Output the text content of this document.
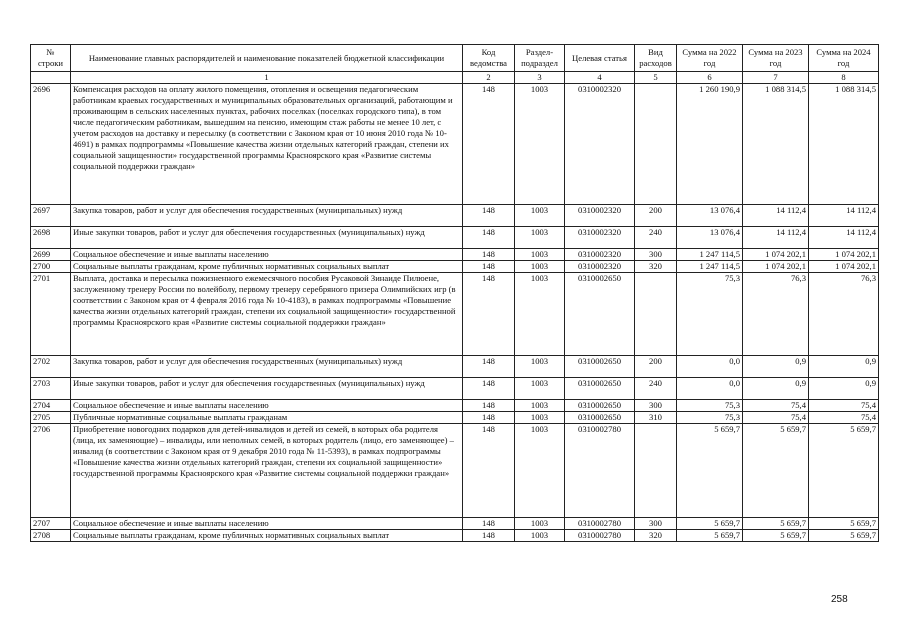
№ строки	Наименование главных распорядителей и наименование показателей бюджетной классификации	Код ведомства	Раздел-подраздел	Целевая статья	Вид расходов	Сумма на 2022 год	Сумма на 2023 год	Сумма на 2024 год
	1	2	3	4	5	6	7	8
2696	Компенсация расходов на оплату жилого помещения, отопления и освещения педагогическим работникам краевых государственных и муниципальных образовательных организаций, работающим и проживающим в сельских населенных пунктах, рабочих поселках (поселках городского типа), в том числе педагогическим работникам, вышедшим на пенсию, имеющим стаж работы не менее 10 лет, с учетом расходов на доставку и пересылку (в соответствии с Законом края от 10 июня 2010 года № 10-4691) в рамках подпрограммы «Повышение качества жизни отдельных категорий граждан, степени их социальной защищенности» государственной программы Красноярского края «Развитие системы социальной поддержки граждан»	148	1003	0310002320		1 260 190,9	1 088 314,5	1 088 314,5
2697	Закупка товаров, работ и услуг для обеспечения государственных (муниципальных) нужд	148	1003	0310002320	200	13 076,4	14 112,4	14 112,4
2698	Иные закупки товаров, работ и услуг для обеспечения государственных (муниципальных) нужд	148	1003	0310002320	240	13 076,4	14 112,4	14 112,4
2699	Социальное обеспечение и иные выплаты населению	148	1003	0310002320	300	1 247 114,5	1 074 202,1	1 074 202,1
2700	Социальные выплаты гражданам, кроме публичных нормативных социальных выплат	148	1003	0310002320	320	1 247 114,5	1 074 202,1	1 074 202,1
2701	Выплата, доставка и пересылка пожизненного ежемесячного пособия Русаковой Зинаиде Пилюене, заслуженному тренеру России по волейболу, первому тренеру серебряного призера Олимпийских игр (в соответствии с Законом края от 4 февраля 2016 года № 10-4183), в рамках подпрограммы «Повышение качества жизни отдельных категорий граждан, степени их социальной защищенности» государственной программы Красноярского края «Развитие системы социальной поддержки граждан»	148	1003	0310002650		75,3	76,3	76,3
2702	Закупка товаров, работ и услуг для обеспечения государственных (муниципальных) нужд	148	1003	0310002650	200	0,0	0,9	0,9
2703	Иные закупки товаров, работ и услуг для обеспечения государственных (муниципальных) нужд	148	1003	0310002650	240	0,0	0,9	0,9
2704	Социальное обеспечение и иные выплаты населению	148	1003	0310002650	300	75,3	75,4	75,4
2705	Публичные нормативные социальные выплаты гражданам	148	1003	0310002650	310	75,3	75,4	75,4
2706	Приобретение новогодних подарков для детей-инвалидов и детей из семей, в которых оба родителя (лица, их заменяющие) – инвалиды, или неполных семей, в которых родитель (лицо, его заменяющее) – инвалид (в соответствии с Законом края от 9 декабря 2010 года № 11-5393), в рамках подпрограммы «Повышение качества жизни отдельных категорий граждан, степени их социальной защищенности» государственной программы Красноярского края «Развитие системы социальной поддержки граждан»	148	1003	0310002780		5 659,7	5 659,7	5 659,7
2707	Социальное обеспечение и иные выплаты населению	148	1003	0310002780	300	5 659,7	5 659,7	5 659,7
2708	Социальные выплаты гражданам, кроме публичных нормативных социальных выплат	148	1003	0310002780	320	5 659,7	5 659,7	5 659,7
258
